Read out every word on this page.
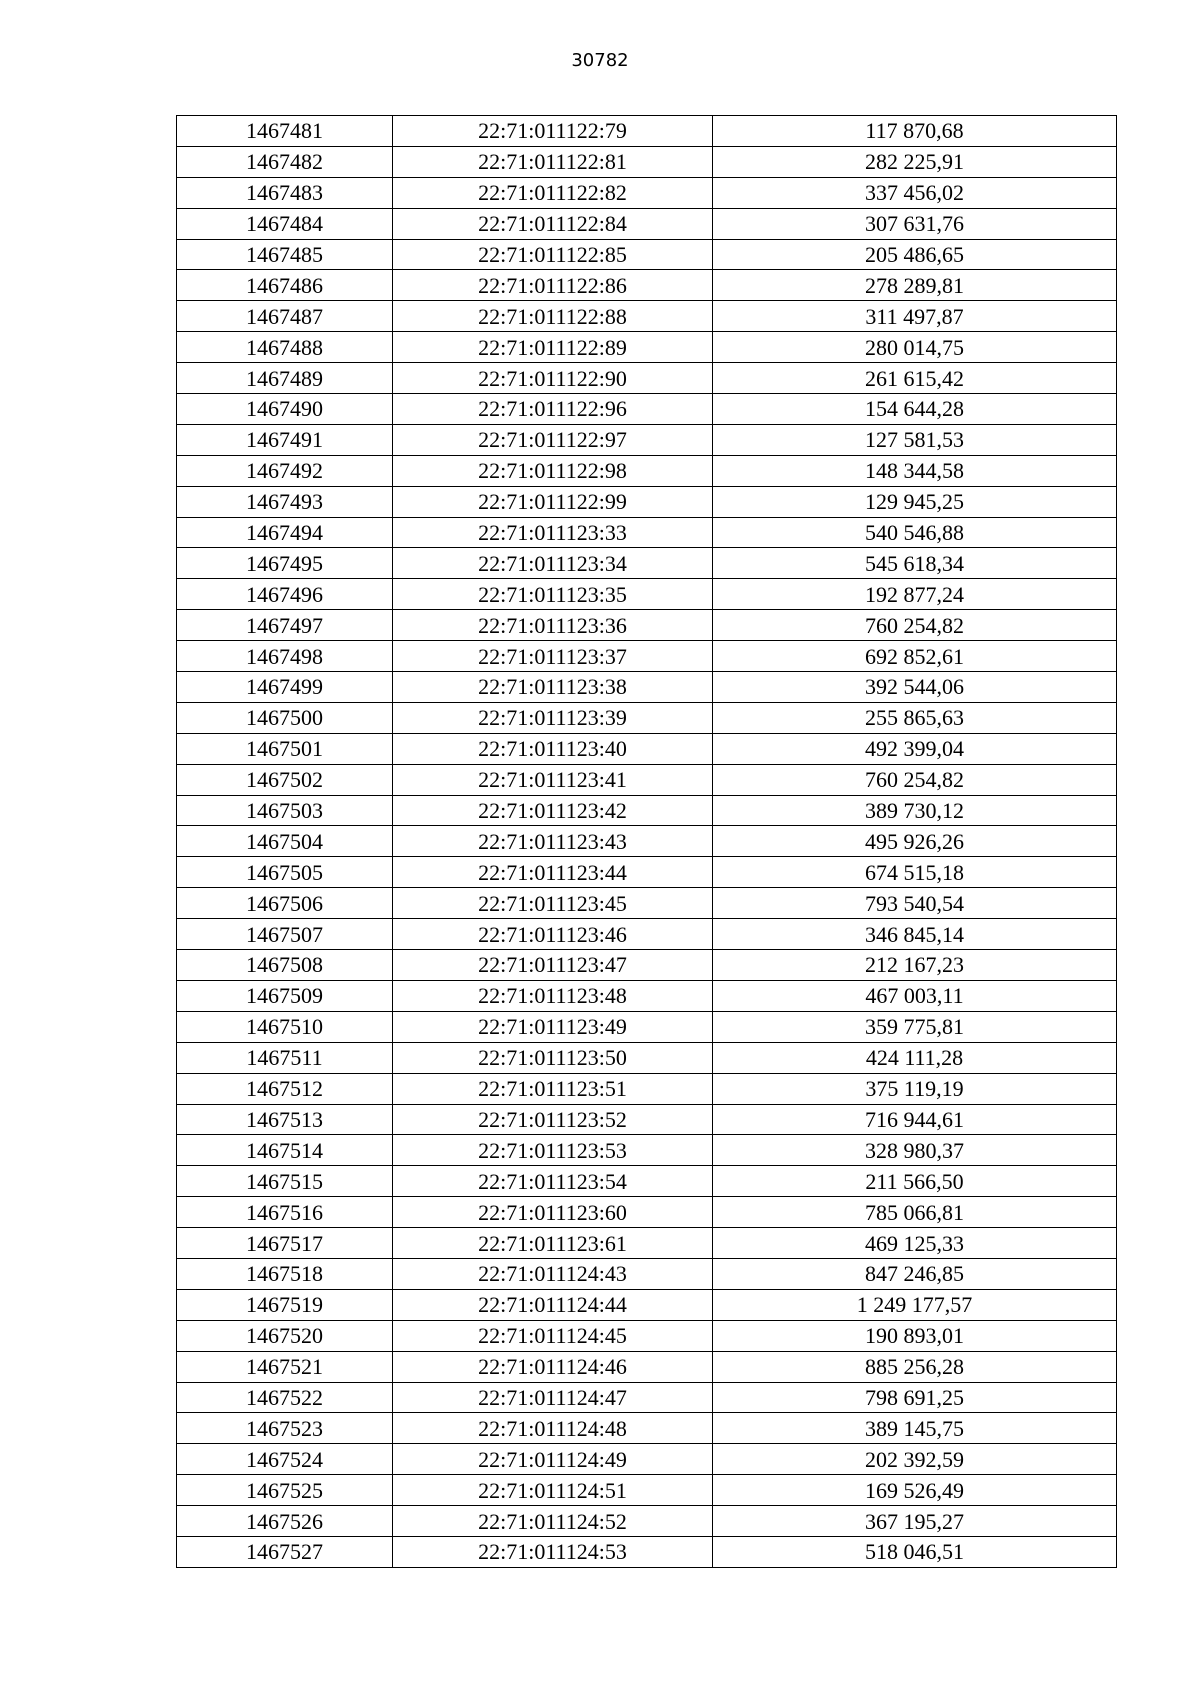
30782
1467481	22:71:011122:79	117 870,68
1467482	22:71:011122:81	282 225,91
1467483	22:71:011122:82	337 456,02
1467484	22:71:011122:84	307 631,76
1467485	22:71:011122:85	205 486,65
1467486	22:71:011122:86	278 289,81
1467487	22:71:011122:88	311 497,87
1467488	22:71:011122:89	280 014,75
1467489	22:71:011122:90	261 615,42
1467490	22:71:011122:96	154 644,28
1467491	22:71:011122:97	127 581,53
1467492	22:71:011122:98	148 344,58
1467493	22:71:011122:99	129 945,25
1467494	22:71:011123:33	540 546,88
1467495	22:71:011123:34	545 618,34
1467496	22:71:011123:35	192 877,24
1467497	22:71:011123:36	760 254,82
1467498	22:71:011123:37	692 852,61
1467499	22:71:011123:38	392 544,06
1467500	22:71:011123:39	255 865,63
1467501	22:71:011123:40	492 399,04
1467502	22:71:011123:41	760 254,82
1467503	22:71:011123:42	389 730,12
1467504	22:71:011123:43	495 926,26
1467505	22:71:011123:44	674 515,18
1467506	22:71:011123:45	793 540,54
1467507	22:71:011123:46	346 845,14
1467508	22:71:011123:47	212 167,23
1467509	22:71:011123:48	467 003,11
1467510	22:71:011123:49	359 775,81
1467511	22:71:011123:50	424 111,28
1467512	22:71:011123:51	375 119,19
1467513	22:71:011123:52	716 944,61
1467514	22:71:011123:53	328 980,37
1467515	22:71:011123:54	211 566,50
1467516	22:71:011123:60	785 066,81
1467517	22:71:011123:61	469 125,33
1467518	22:71:011124:43	847 246,85
1467519	22:71:011124:44	1 249 177,57
1467520	22:71:011124:45	190 893,01
1467521	22:71:011124:46	885 256,28
1467522	22:71:011124:47	798 691,25
1467523	22:71:011124:48	389 145,75
1467524	22:71:011124:49	202 392,59
1467525	22:71:011124:51	169 526,49
1467526	22:71:011124:52	367 195,27
1467527	22:71:011124:53	518 046,51
